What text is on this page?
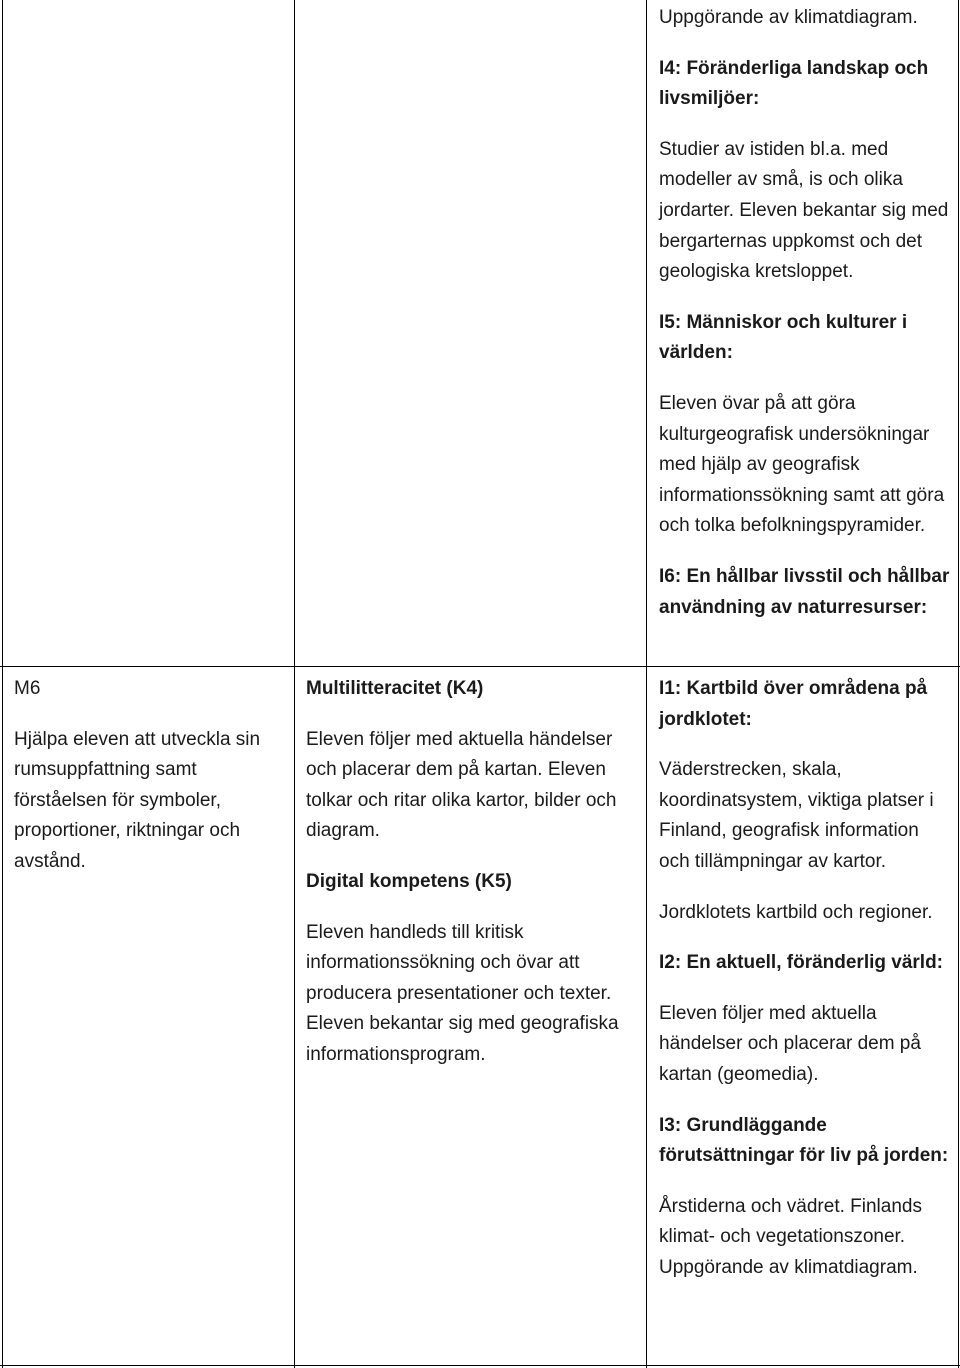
Uppgörande av klimatdiagram.

I4: Föränderliga landskap och livsmiljöer:

Studier av istiden bl.a. med modeller av små, is och olika jordarter. Eleven bekantar sig med bergarternas uppkomst och det geologiska kretsloppet.

I5: Människor och kulturer i världen:

Eleven övar på att göra kulturgeografisk undersökningar med hjälp av geografisk informationssökning samt att göra och tolka befolkningspyramider.

I6: En hållbar livsstil och hållbar användning av naturresurser:

M6

Hjälpa eleven att utveckla sin rumsuppfattning samt förståelsen för symboler, proportioner, riktningar och avstånd.

Multilitteracitet (K4)

Eleven följer med aktuella händelser och placerar dem på kartan. Eleven tolkar och ritar olika kartor, bilder och diagram.

Digital kompetens (K5)

Eleven handleds till kritisk informationssökning och övar att producera presentationer och texter. Eleven bekantar sig med geografiska informationsprogram.

I1: Kartbild över områdena på jordklotet:

Väderstrecken, skala, koordinatsystem, viktiga platser i Finland, geografisk information och tillämpningar av kartor.

Jordklotets kartbild och regioner.

I2: En aktuell, föränderlig värld:

Eleven följer med aktuella händelser och placerar dem på kartan (geomedia).

I3: Grundläggande förutsättningar för liv på jorden:

Årstiderna och vädret. Finlands klimat- och vegetationszoner. Uppgörande av klimatdiagram.
